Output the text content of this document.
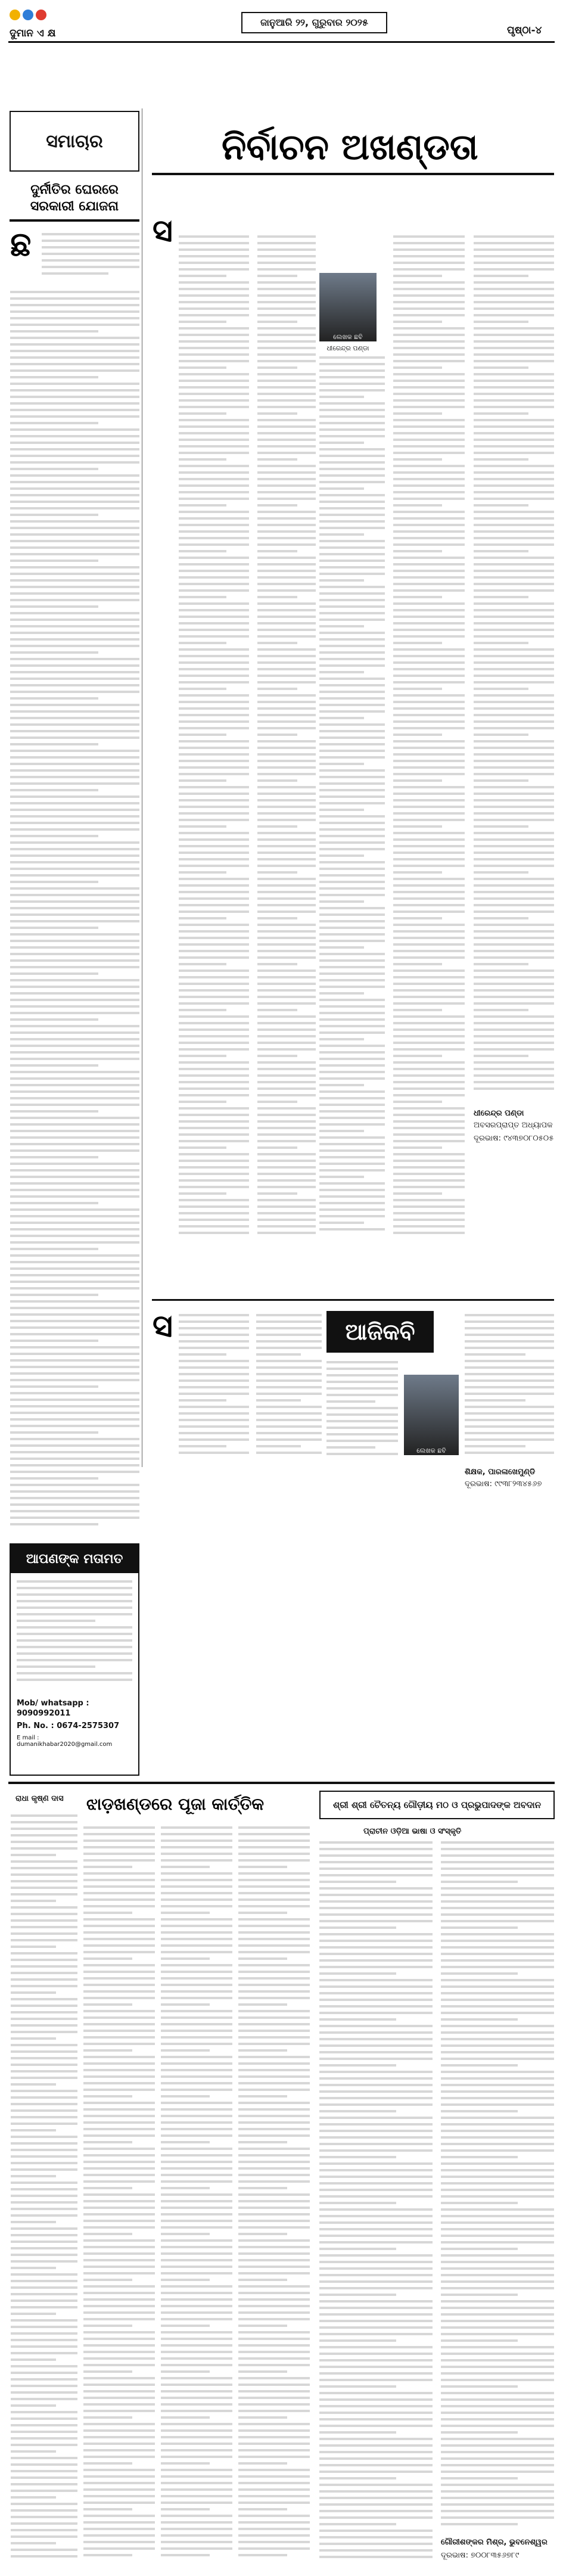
ଦୁମାନ ଏ କ୍ଷ
ଜାନୁଆରି ୨୨, ଗୁରୁବାର ୨୦୨୫
ପୃଷ୍ଠା-୪
ସମାଚାର
ଦୁର୍ନୀତିର ଘେରରେ ସରକାରୀ ଯୋଜନା
ଛ
ଆପଣଙ୍କ ମତାମତ
Mob/ whatsapp : 9090992011
Ph. No. : 0674-2575307
E mail : dumanikhabar2020@gmail.com
ନିର୍ବାଚନ ଅଖଣ୍ଡତା
ସ
ଲେଖକ ଛବି
ଧୀରେନ୍ଦ୍ର ପଣ୍ଡା
ଧୀରେନ୍ଦ୍ର ପଣ୍ଡା
ଅବସରପ୍ରାପ୍ତ ଅଧ୍ୟାପକ
ଦୂରଭାଷ: ୯୪୩୭୦୮୦୫୦୫
ସ	ଆଜିକବି
ଲେଖକ ଛବି
ଶିକ୍ଷକ, ପାରଳାଖେମୁଣ୍ଡି
ଦୂରଭାଷ: ୯୯୩୮୨୩୪୫୬୭
ରାଧା କୃଷ୍ଣ ଦାସ ଝାଡ଼ଖଣ୍ଡରେ ପୂଜା କାର୍ତ୍ତିକ	ଶ୍ରୀ ଶ୍ରୀ ଚୈତନ୍ୟ ଗୌଡ଼ୀୟ ମଠ ଓ ପ୍ରଭୁପାଦଙ୍କ ଅବଦାନ
ପ୍ରାଚୀନ ଓଡ଼ିଆ ଭାଷା ଓ ସଂସ୍କୃତି
ଗୌରୀଶଙ୍କର ମିଶ୍ର, ଭୁବନେଶ୍ୱର
ଦୂରଭାଷ: ୭୦୦୮୩୫୬୭୮୯
